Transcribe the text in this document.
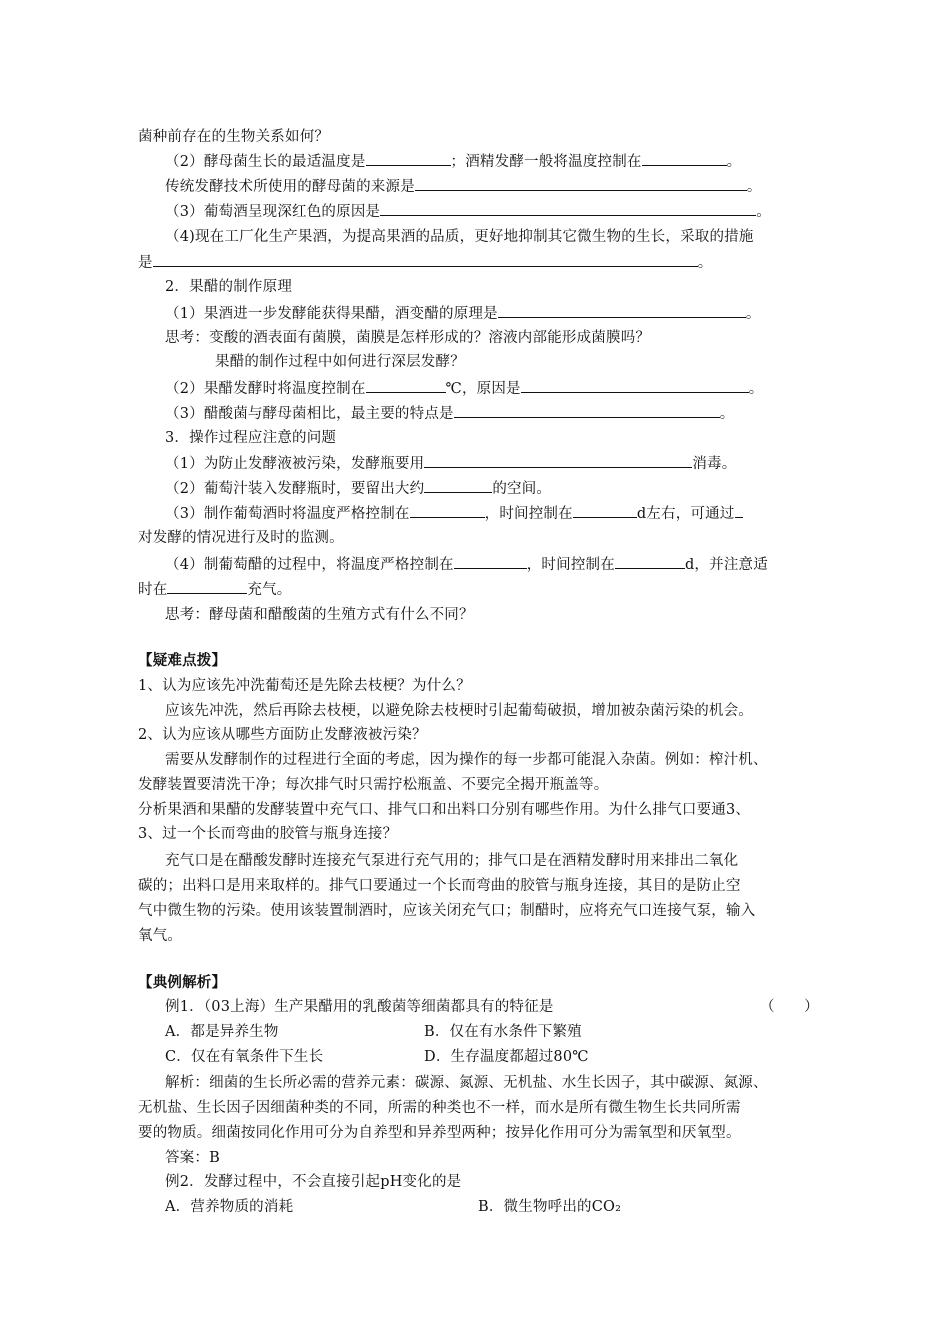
菌种前存在的生物关系如何？
（2）酵母菌生长的最适温度是	；酒精发酵一般将温度控制在	。
传统发酵技术所使用的酵母菌的来源是	。
（3）葡萄酒呈现深红色的原因是	。
（4)现在工厂化生产果酒，为提高果酒的品质，更好地抑制其它微生物的生长，采取的措施
是	。
2．果醋的制作原理
（1）果酒进一步发酵能获得果醋，酒变醋的原理是	。
思考：变酸的酒表面有菌膜，菌膜是怎样形成的？溶液内部能形成菌膜吗？
果醋的制作过程中如何进行深层发酵？
（2）果醋发酵时将温度控制在	℃，原因是	。
（3）醋酸菌与酵母菌相比，最主要的特点是	。
3．操作过程应注意的问题
（1）为防止发酵液被污染，发酵瓶要用	消毒。
（2）葡萄汁装入发酵瓶时，要留出大约	的空间。
（3）制作葡萄酒时将温度严格控制在	，时间控制在	d左右，可通过
对发酵的情况进行及时的监测。
（4）制葡萄醋的过程中，将温度严格控制在	，时间控制在	d，并注意适
时在	充气。
思考：酵母菌和醋酸菌的生殖方式有什么不同？
【疑难点拨】
1、认为应该先冲洗葡萄还是先除去枝梗？为什么？
应该先冲洗，然后再除去枝梗，以避免除去枝梗时引起葡萄破损，增加被杂菌污染的机会。
2、认为应该从哪些方面防止发酵液被污染？
需要从发酵制作的过程进行全面的考虑，因为操作的每一步都可能混入杂菌。例如：榨汁机、
发酵装置要清洗干净；每次排气时只需拧松瓶盖、不要完全揭开瓶盖等。
分析果酒和果醋的发酵装置中充气口、排气口和出料口分别有哪些作用。为什么排气口要通3、
3、过一个长而弯曲的胶管与瓶身连接？
充气口是在醋酸发酵时连接充气泵进行充气用的；排气口是在酒精发酵时用来排出二氧化
碳的；出料口是用来取样的。排气口要通过一个长而弯曲的胶管与瓶身连接，其目的是防止空
气中微生物的污染。使用该装置制酒时，应该关闭充气口；制醋时，应将充气口连接气泵，输入
氧气。
【典例解析】
例1．（03上海）生产果醋用的乳酸菌等细菌都具有的特征是	（　　）
A．都是异养生物	B．仅在有水条件下繁殖
C．仅在有氧条件下生长	D．生存温度都超过80℃
解析：细菌的生长所必需的营养元素：碳源、氮源、无机盐、水生长因子，其中碳源、氮源、
无机盐、生长因子因细菌种类的不同，所需的种类也不一样，而水是所有微生物生长共同所需
要的物质。细菌按同化作用可分为自养型和异养型两种；按异化作用可分为需氧型和厌氧型。
答案：B
例2．发酵过程中，不会直接引起pH变化的是
A．营养物质的消耗	B．微生物呼出的CO₂
